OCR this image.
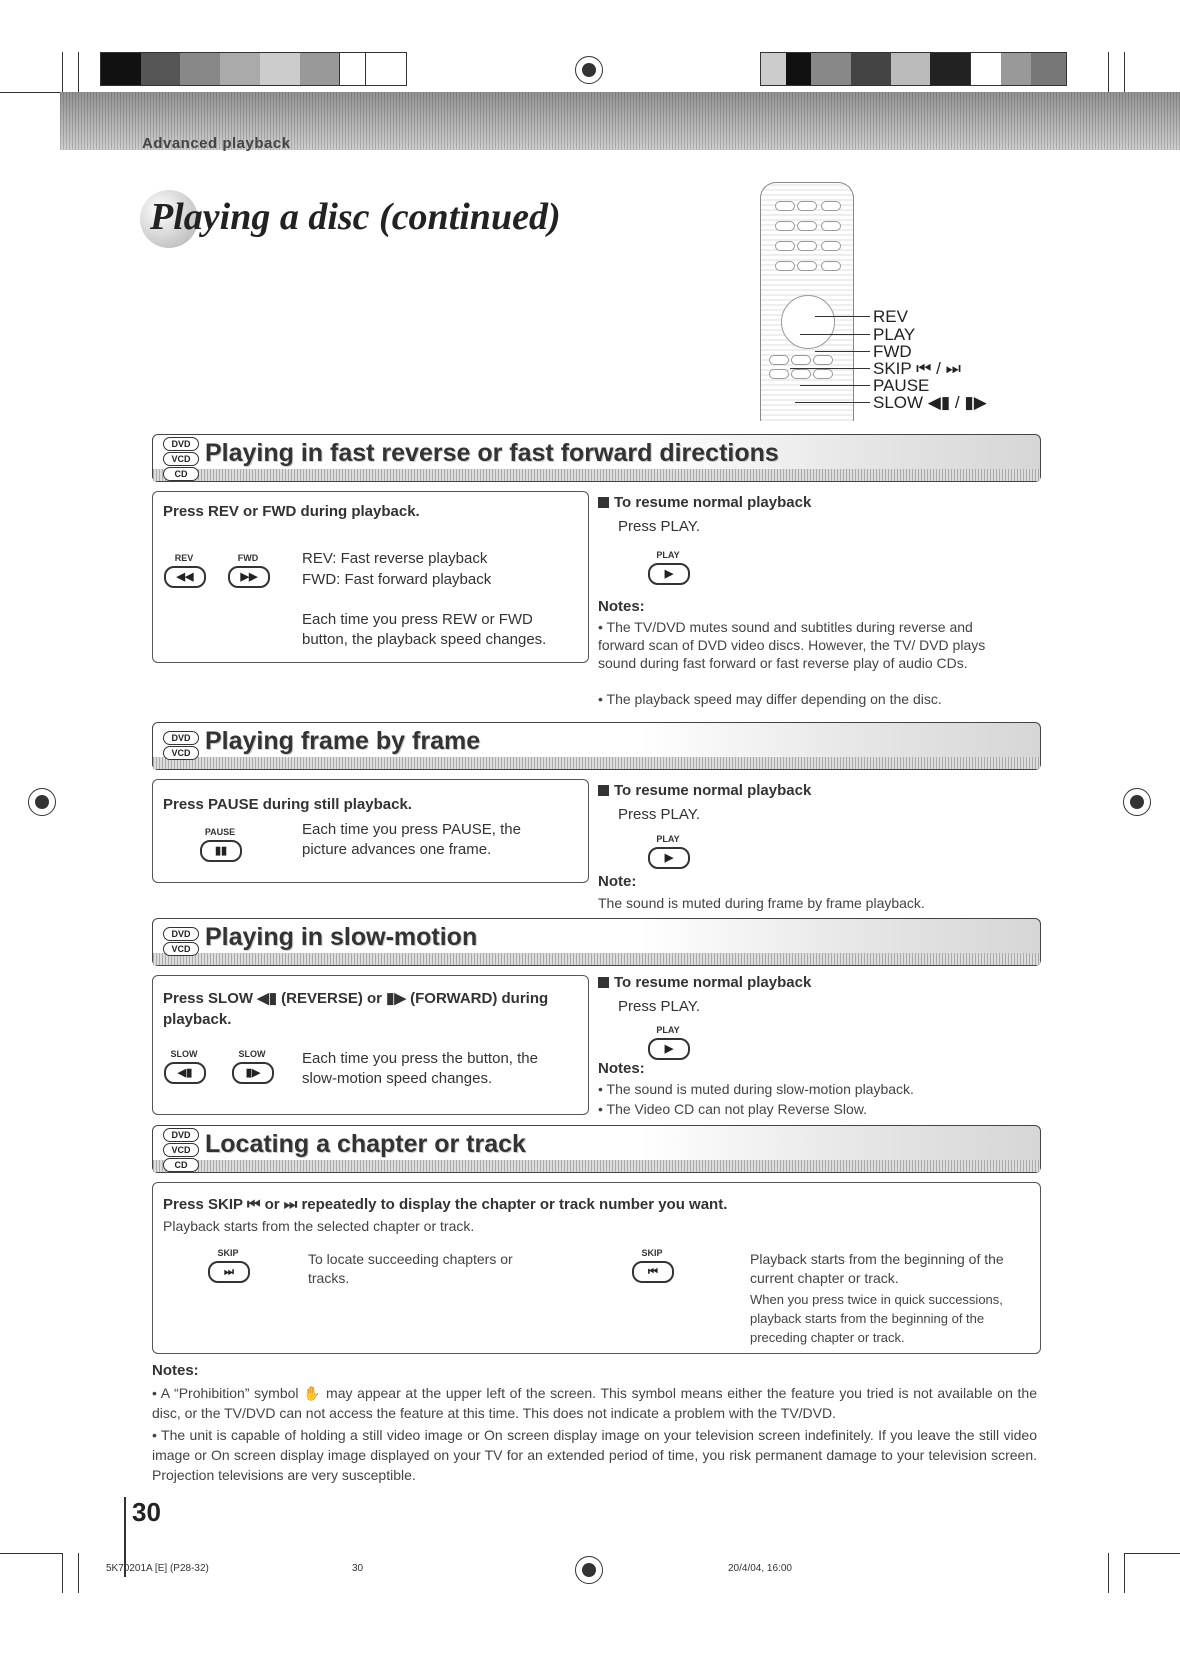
Advanced playback
Playing a disc (continued)
REV
PLAY
FWD
SKIP ⏮ / ⏭
PAUSE
SLOW ◀▮ / ▮▶
DVD
VCD
CD
Playing in fast reverse or fast forward directions
Press REV or FWD during playback.
REV
◀◀
FWD
▶▶
REV: Fast reverse playback
FWD: Fast forward playback
Each time you press REW or FWD button, the playback speed changes.
To resume normal playback
Press PLAY.
PLAY
▶
Notes:
• The TV/DVD mutes sound and subtitles during reverse and forward scan of DVD video discs. However, the TV/ DVD plays sound during fast forward or fast reverse play of audio CDs.
• The playback speed may differ depending on the disc.
DVD
VCD Playing frame by frame
Press PAUSE during still playback.
PAUSE
▮▮
Each time you press PAUSE, the picture advances one frame.
To resume normal playback
Press PLAY.
PLAY
▶
Note:
The sound is muted during frame by frame playback.
DVD
VCD Playing in slow-motion
Press SLOW ◀▮ (REVERSE) or ▮▶ (FORWARD) during playback.
SLOW
◀▮
SLOW
▮▶
Each time you press the button, the slow-motion speed changes.
To resume normal playback
Press PLAY.
PLAY
▶
Notes:
• The sound is muted during slow-motion playback.
• The Video CD can not play Reverse Slow.
DVD
VCD
CD
Locating a chapter or track
Press SKIP ⏮ or ⏭ repeatedly to display the chapter or track number you want.
Playback starts from the selected chapter or track.
SKIP
⏭
To locate succeeding chapters or tracks.
SKIP
⏮
Playback starts from the beginning of the current chapter or track.
When you press twice in quick successions, playback starts from the beginning of the preceding chapter or track.
Notes:
• A “Prohibition” symbol ✋ may appear at the upper left of the screen. This symbol means either the feature you tried is not available on the disc, or the TV/DVD can not access the feature at this time. This does not indicate a problem with the TV/DVD.
• The unit is capable of holding a still video image or On screen display image on your television screen indefinitely. If you leave the still video image or On screen display image displayed on your TV for an extended period of time, you risk permanent damage to your television screen. Projection televisions are very susceptible.
30
5K70201A [E] (P28-32)	30	20/4/04, 16:00
